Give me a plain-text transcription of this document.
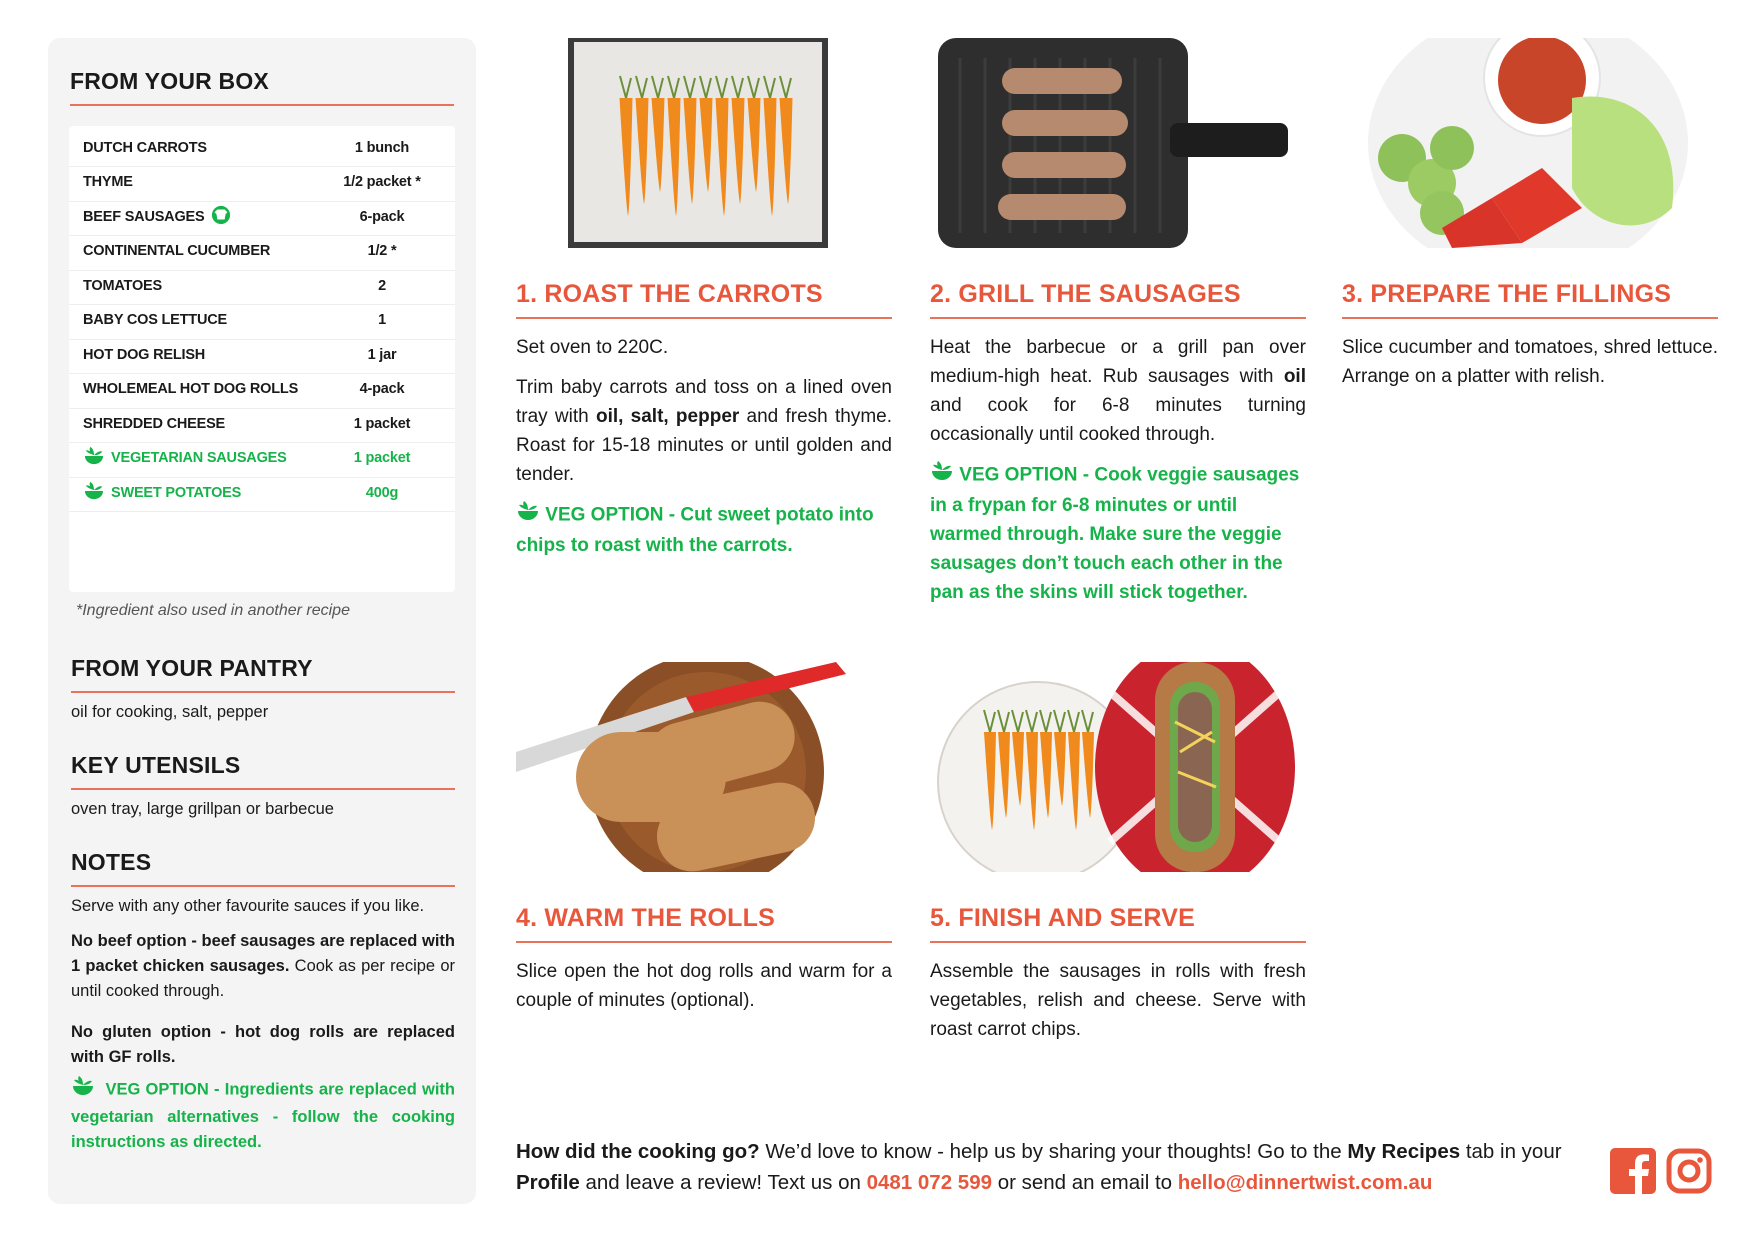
FROM YOUR BOX
DUTCH CARROTS	1 bunch
THYME	1/2 packet *
BEEF SAUSAGES	6-pack
CONTINENTAL CUCUMBER	1/2 *
TOMATOES	2
BABY COS LETTUCE	1
HOT DOG RELISH	1 jar
WHOLEMEAL HOT DOG ROLLS	4-pack
SHREDDED CHEESE	1 packet
VEGETARIAN SAUSAGES	1 packet
SWEET POTATOES	400g
*Ingredient also used in another recipe
FROM YOUR PANTRY
oil for cooking, salt, pepper
KEY UTENSILS
oven tray, large grillpan or barbecue
NOTES
Serve with any other favourite sauces if you like.
No beef option - beef sausages are replaced with 1 packet chicken sausages. Cook as per recipe or until cooked through.
No gluten option - hot dog rolls are replaced with GF rolls.
VEG OPTION - Ingredients are replaced with vegetarian alternatives - follow the cooking instructions as directed.
1. ROAST THE CARROTS

Set oven to 220C.

Trim baby carrots and toss on a lined oven tray with oil, salt, pepper and fresh thyme. Roast for 15-18 minutes or until golden and tender.

VEG OPTION - Cut sweet potato into chips to roast with the carrots.

2. GRILL THE SAUSAGES

Heat the barbecue or a grill pan over medium-high heat. Rub sausages with oil and cook for 6-8 minutes turning occasionally until cooked through.

VEG OPTION - Cook veggie sausages in a frypan for 6-8 minutes or until warmed through. Make sure the veggie sausages don’t touch each other in the pan as the skins will stick together.

3. PREPARE THE FILLINGS

Slice cucumber and tomatoes, shred lettuce. Arrange on a platter with relish.

4. WARM THE ROLLS

Slice open the hot dog rolls and warm for a couple of minutes (optional).

5. FINISH AND SERVE

Assemble the sausages in rolls with fresh vegetables, relish and cheese. Serve with roast carrot chips.

How did the cooking go? We’d love to know - help us by sharing your thoughts! Go to the My Recipes tab in your Profile and leave a review! Text us on 0481 072 599 or send an email to hello@dinnertwist.com.au
